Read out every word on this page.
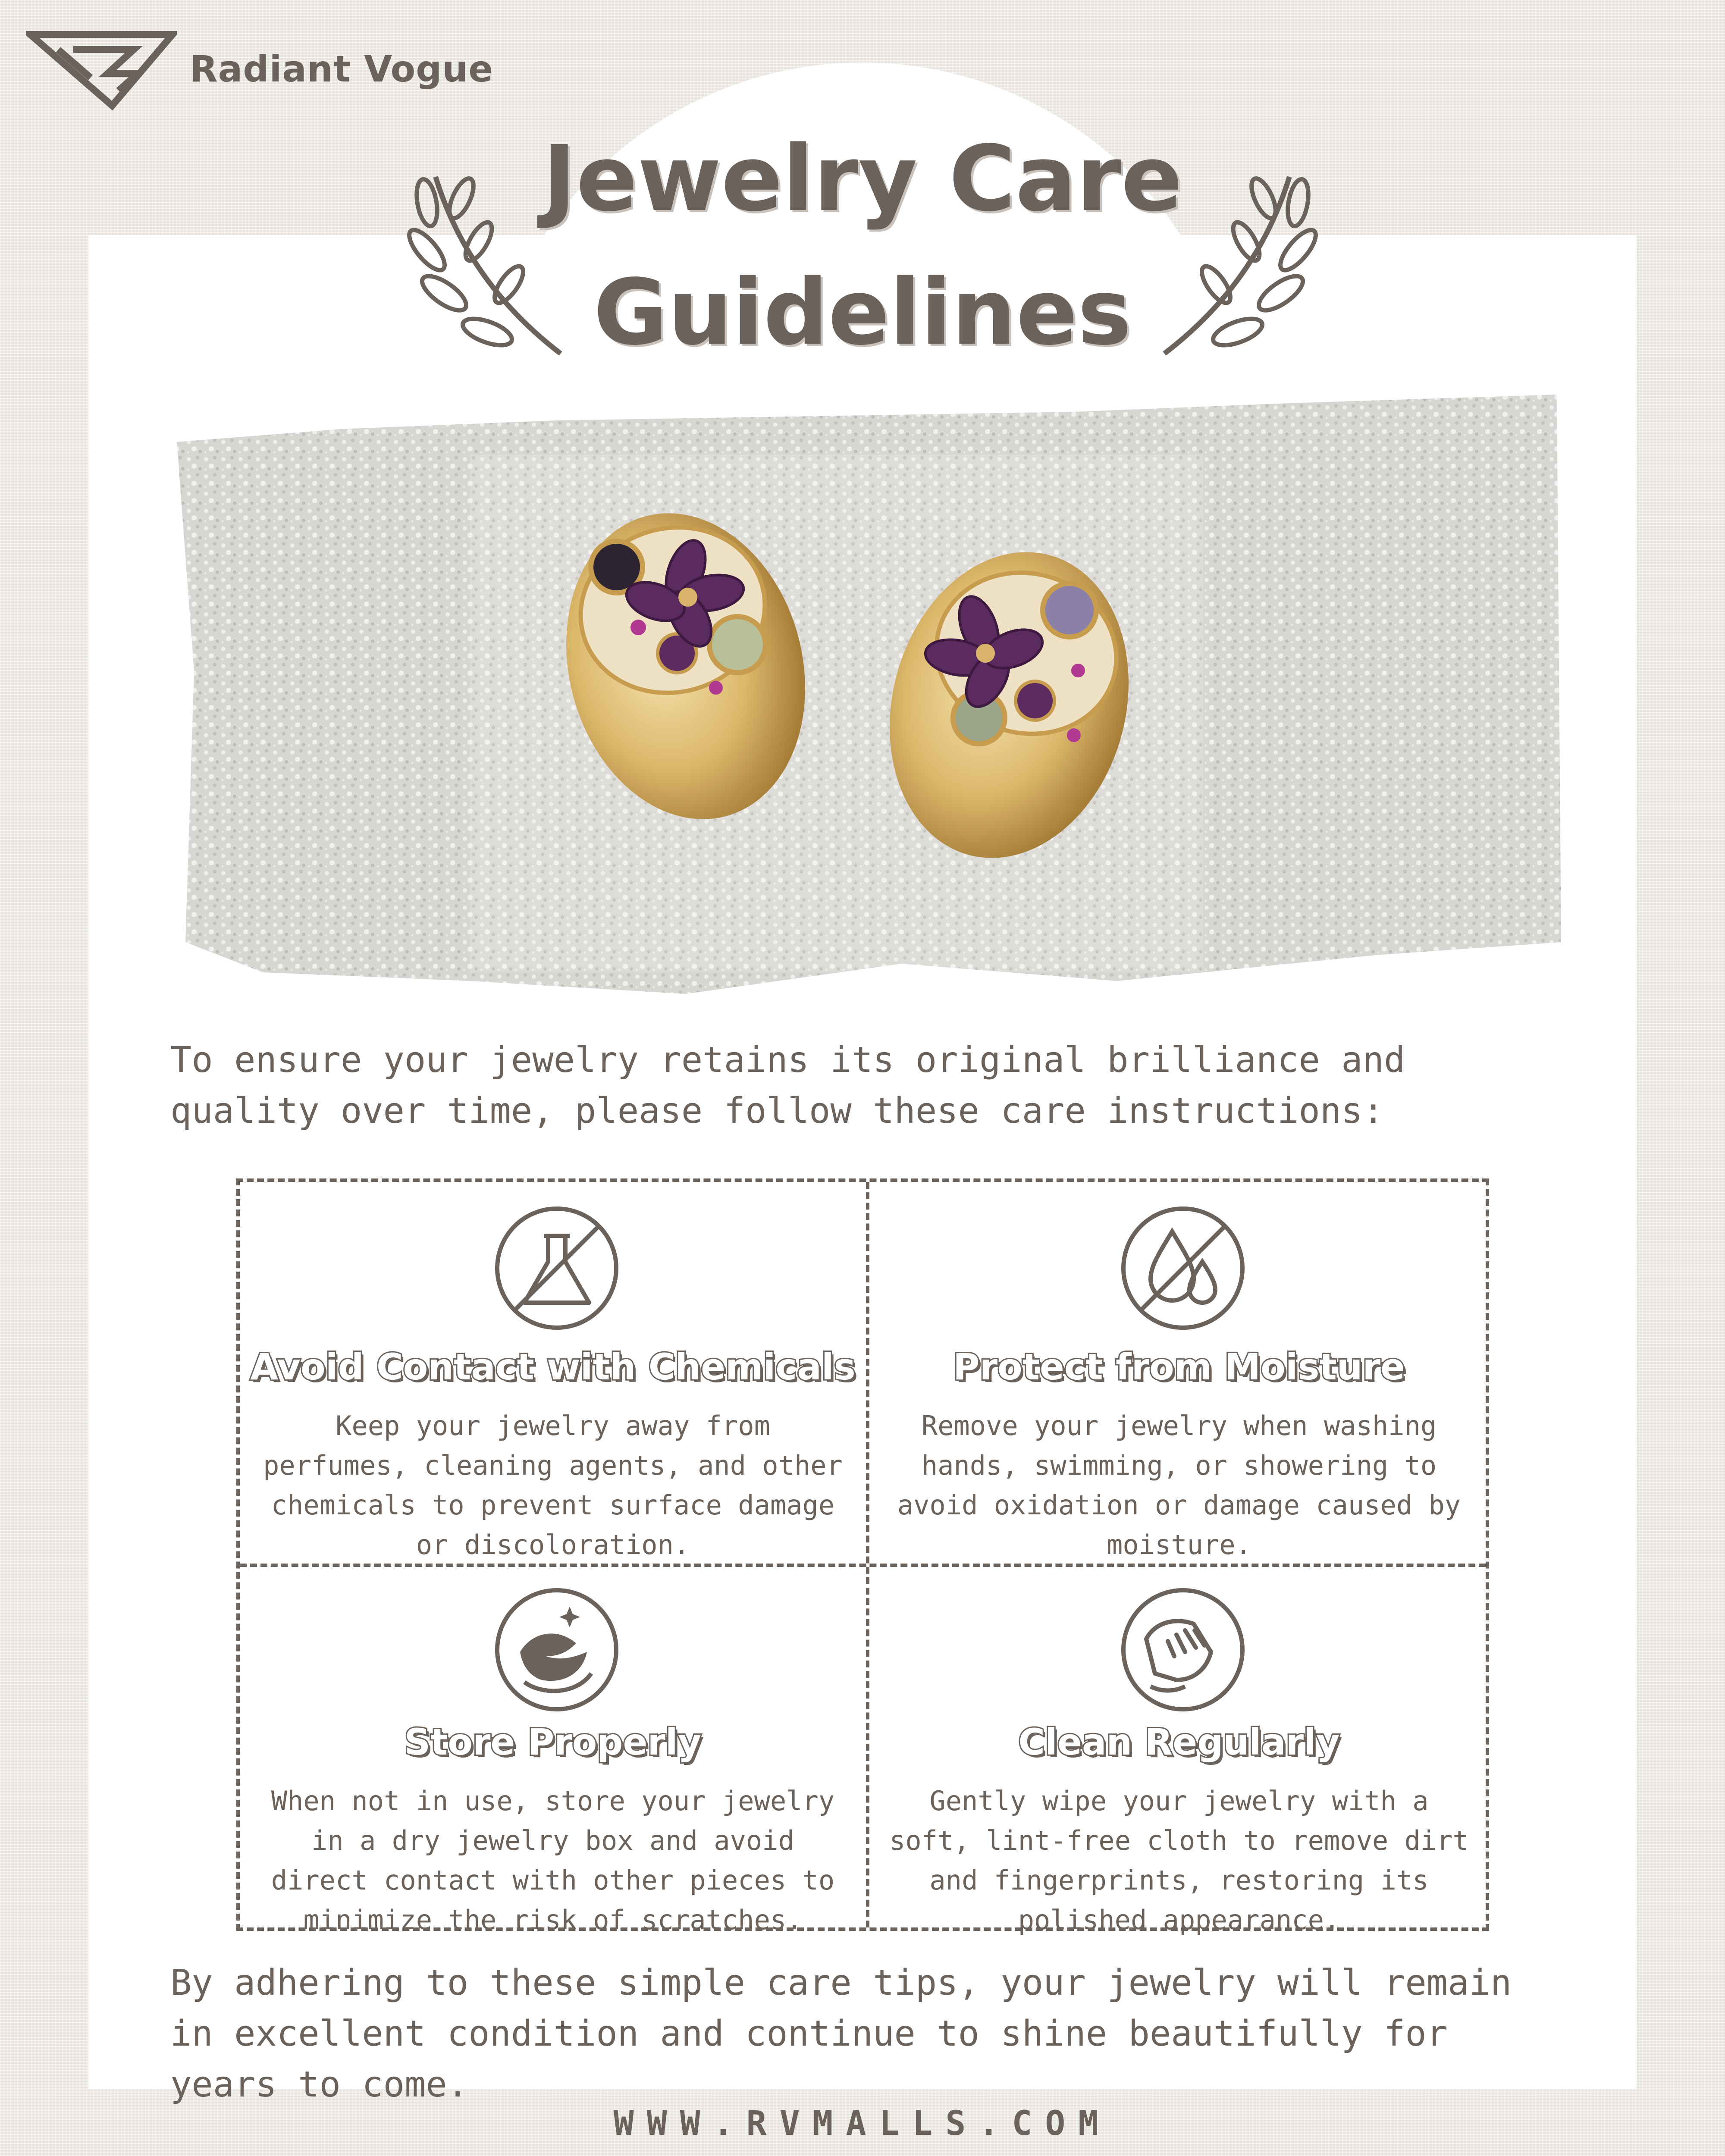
Radiant Vogue
Jewelry Care
Guidelines
To ensure your jewelry retains its original brilliance and quality over time, please follow these care instructions:
Avoid Contact with Chemicals
Keep your jewelry away from perfumes, cleaning agents, and other chemicals to prevent surface damage or discoloration.
Protect from Moisture
Remove your jewelry when washing hands, swimming, or showering to avoid oxidation or damage caused by moisture.
Store Properly
When not in use, store your jewelry in a dry jewelry box and avoid direct contact with other pieces to minimize the risk of scratches.
Clean Regularly
Gently wipe your jewelry with a soft, lint-free cloth to remove dirt and fingerprints, restoring its polished appearance.
By adhering to these simple care tips, your jewelry will remain in excellent condition and continue to shine beautifully for years to come.
WWW.RVMALLS.COM
